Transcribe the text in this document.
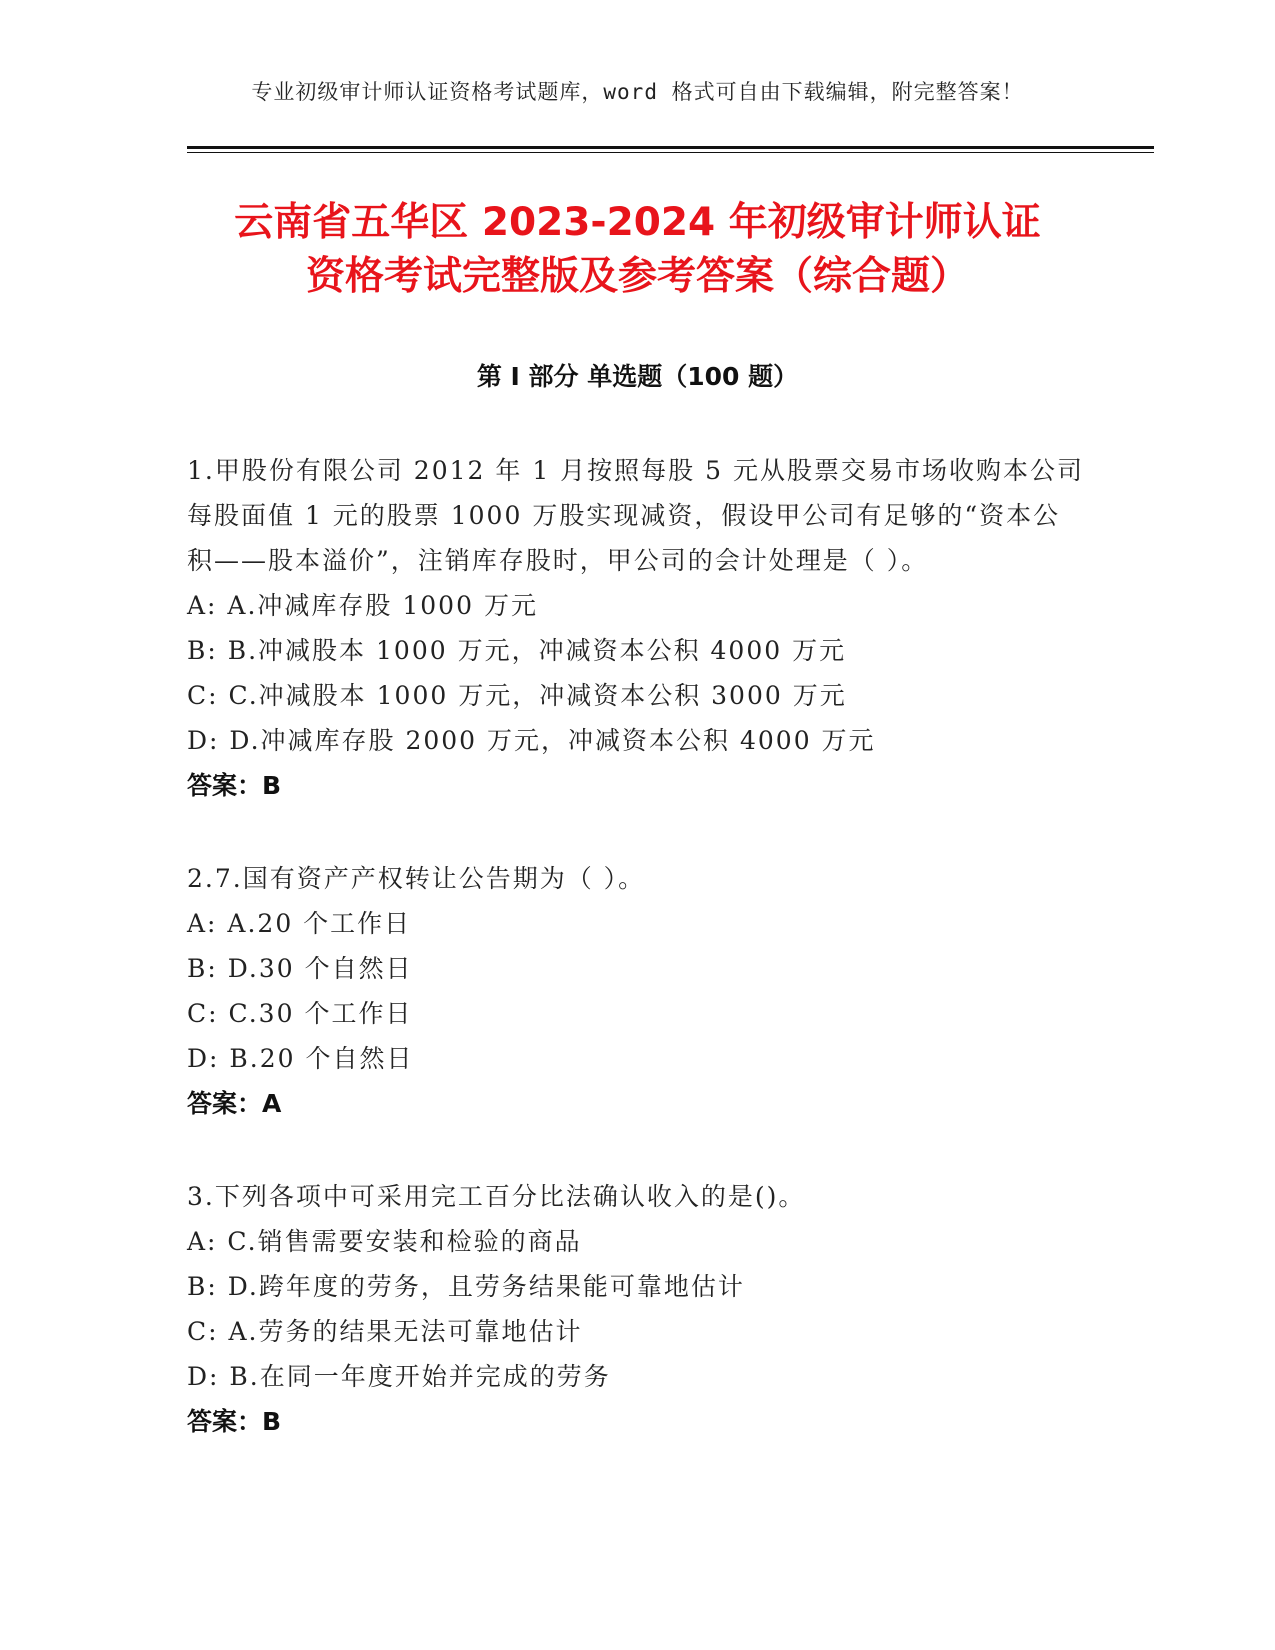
专业初级审计师认证资格考试题库，word 格式可自由下载编辑，附完整答案！
云南省五华区 2023-2024 年初级审计师认证
资格考试完整版及参考答案（综合题）
第 I 部分 单选题（100 题）
1.甲股份有限公司 2012 年 1 月按照每股 5 元从股票交易市场收购本公司每股面值 1 元的股票 1000 万股实现减资，假设甲公司有足够的“资本公积——股本溢价”，注销库存股时，甲公司的会计处理是（ ）。
A: A.冲减库存股 1000 万元
B: B.冲减股本 1000 万元，冲减资本公积 4000 万元
C: C.冲减股本 1000 万元，冲减资本公积 3000 万元
D: D.冲减库存股 2000 万元，冲减资本公积 4000 万元
答案：B
2.7.国有资产产权转让公告期为（ ）。
A: A.20 个工作日
B: D.30 个自然日
C: C.30 个工作日
D: B.20 个自然日
答案：A
3.下列各项中可采用完工百分比法确认收入的是()。
A: C.销售需要安装和检验的商品
B: D.跨年度的劳务，且劳务结果能可靠地估计
C: A.劳务的结果无法可靠地估计
D: B.在同一年度开始并完成的劳务
答案：B
